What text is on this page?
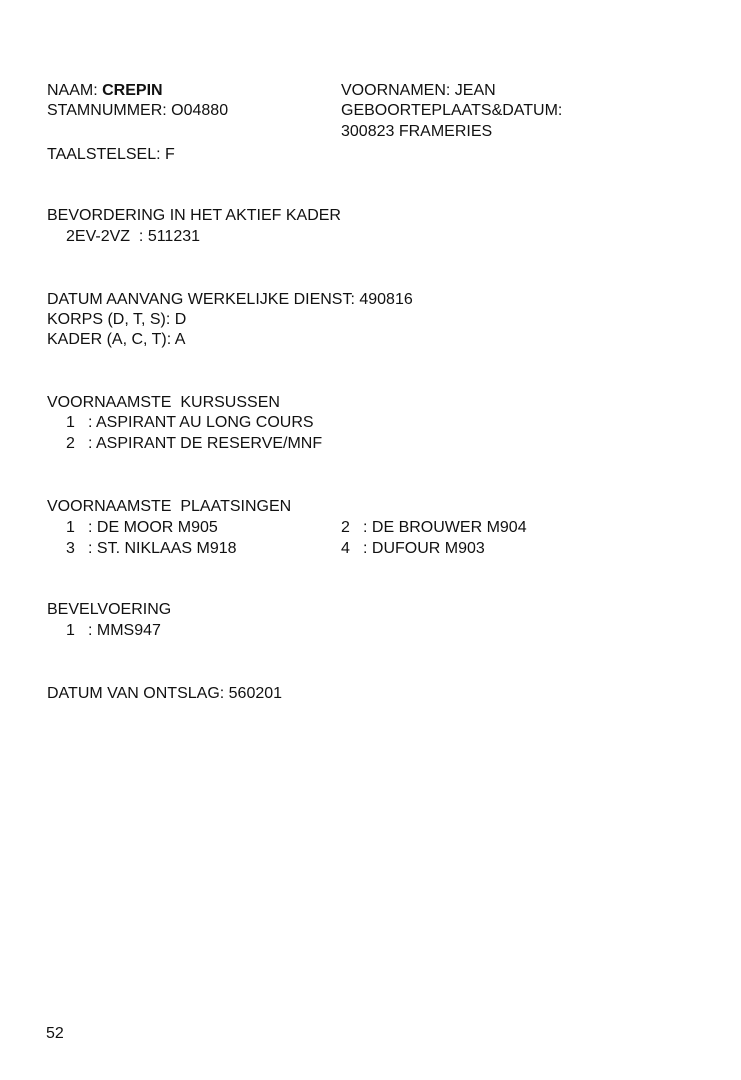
NAAM: CREPIN
STAMNUMMER: O04880
TAALSTELSEL: F
VOORNAMEN: JEAN
GEBOORTEPLAATS&DATUM:
300823 FRAMERIES
BEVORDERING IN HET AKTIEF KADER
2EV-2VZ  : 511231
DATUM AANVANG WERKELIJKE DIENST: 490816
KORPS (D, T, S): D
KADER (A, C, T): A
VOORNAAMSTE  KURSUSSEN
1 : ASPIRANT AU LONG COURS
2 : ASPIRANT DE RESERVE/MNF
VOORNAAMSTE  PLAATSINGEN
1 : DE MOOR M905	2 : DE BROUWER M904
3 : ST. NIKLAAS M918	4 : DUFOUR M903
BEVELVOERING
1 : MMS947
DATUM VAN ONTSLAG: 560201
52
